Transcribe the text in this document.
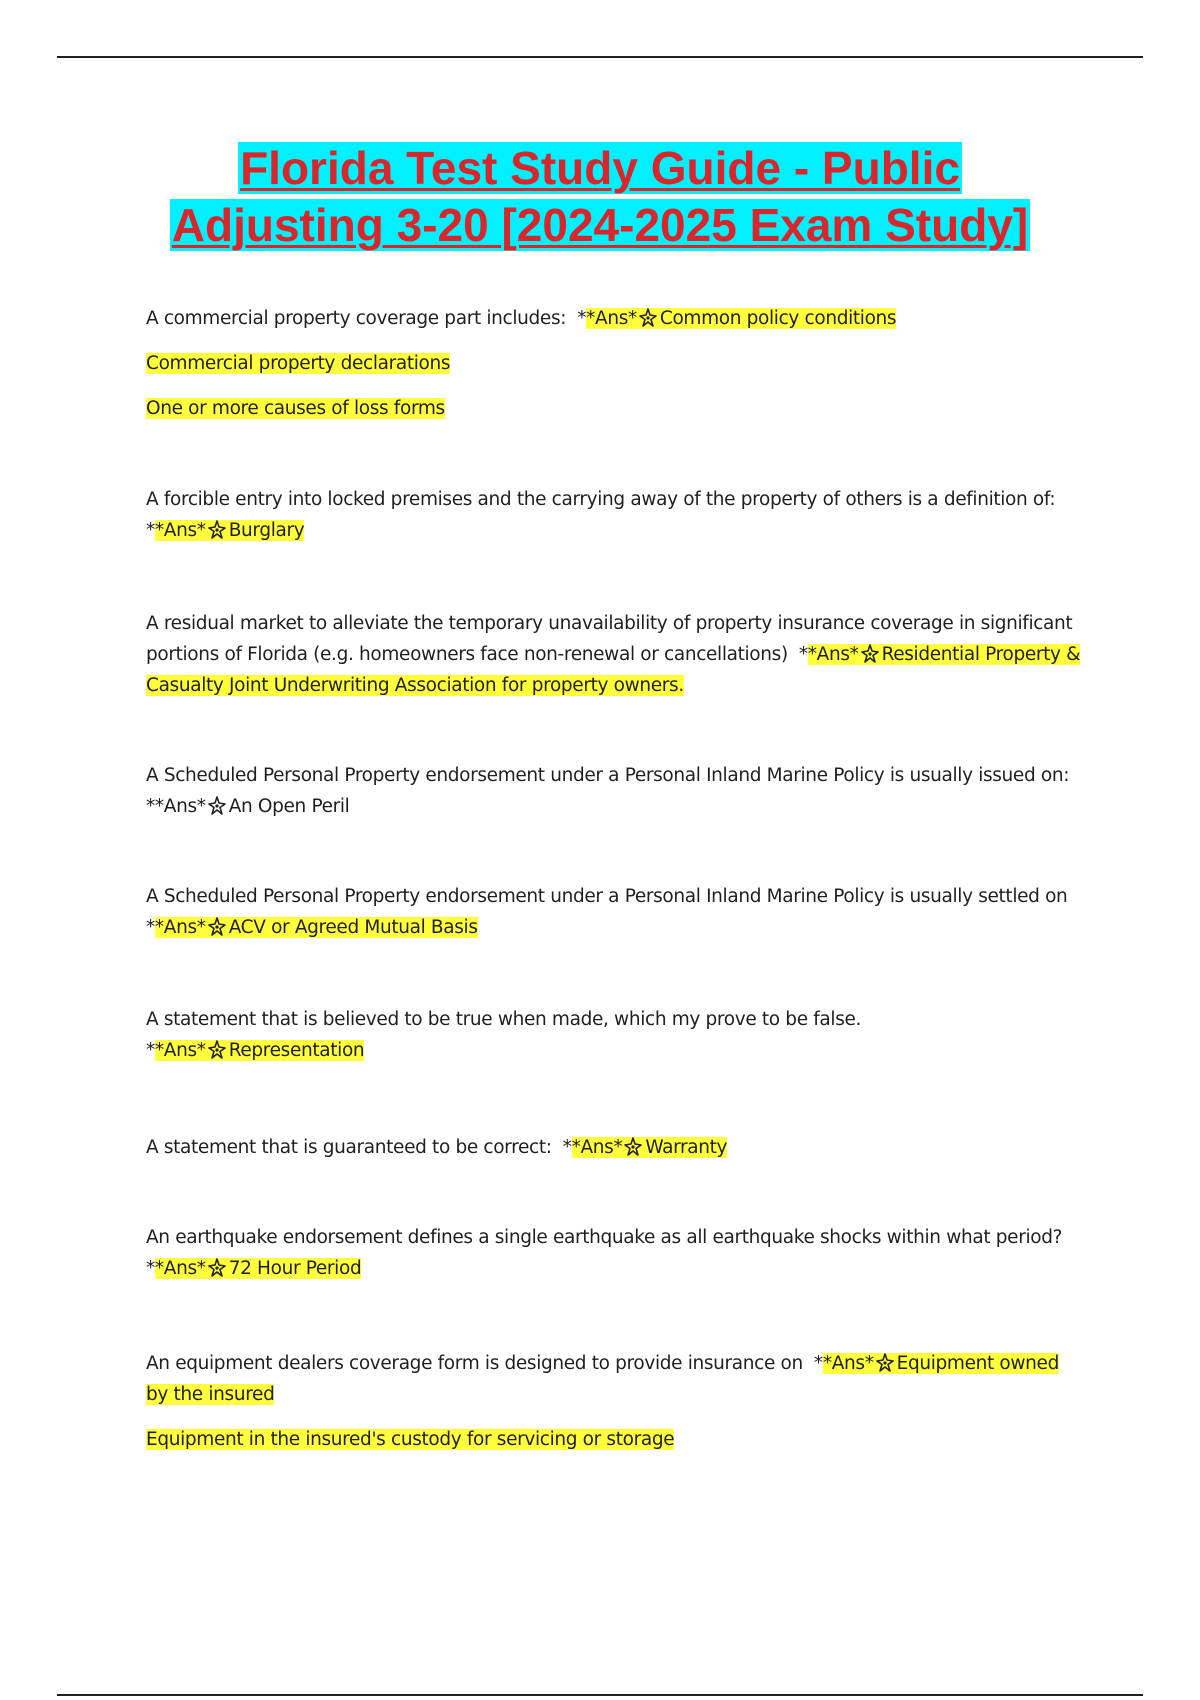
Florida Test Study Guide - Public
Adjusting 3-20 [2024-2025 Exam Study]

A commercial property coverage part includes:  **Ans* Common policy conditions

Commercial property declarations

One or more causes of loss forms

A forcible entry into locked premises and the carrying away of the property of others is a definition of:
**Ans* Burglary

A residual market to alleviate the temporary unavailability of property insurance coverage in significant portions of Florida (e.g. homeowners face non-renewal or cancellations)  **Ans* Residential Property & Casualty Joint Underwriting Association for property owners.

A Scheduled Personal Property endorsement under a Personal Inland Marine Policy is usually issued on:
**Ans* An Open Peril

A Scheduled Personal Property endorsement under a Personal Inland Marine Policy is usually settled on
**Ans* ACV or Agreed Mutual Basis

A statement that is believed to be true when made, which my prove to be false.
**Ans* Representation

A statement that is guaranteed to be correct:  **Ans* Warranty

An earthquake endorsement defines a single earthquake as all earthquake shocks within what period?
**Ans* 72 Hour Period

An equipment dealers coverage form is designed to provide insurance on  **Ans* Equipment owned by the insured

Equipment in the insured's custody for servicing or storage
